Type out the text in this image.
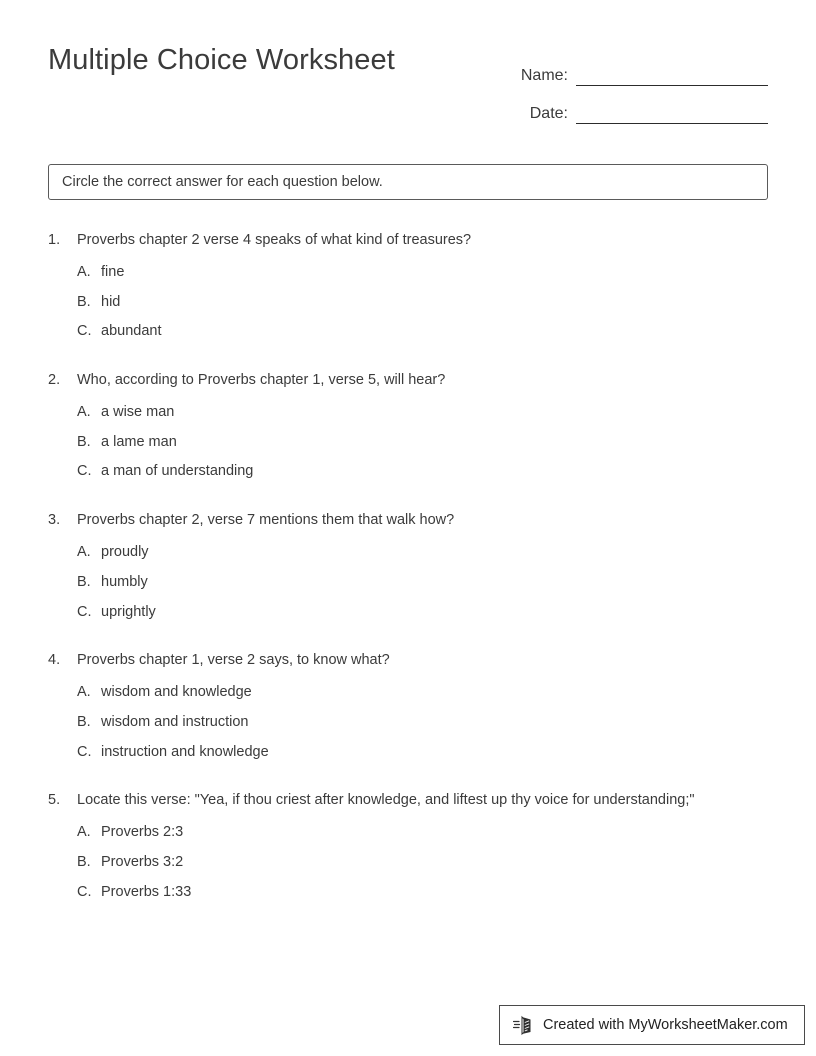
Multiple Choice Worksheet	Name:
Date:
Circle the correct answer for each question below.
1.	Proverbs chapter 2 verse 4 speaks of what kind of treasures?
A. fine
B. hid
C. abundant
2.	Who, according to Proverbs chapter 1, verse 5, will hear?
A. a wise man
B. a lame man
C. a man of understanding
3.	Proverbs chapter 2, verse 7 mentions them that walk how?
A. proudly
B. humbly
C. uprightly
4.	Proverbs chapter 1, verse 2 says, to know what?
A. wisdom and knowledge
B. wisdom and instruction
C. instruction and knowledge
5.	Locate this verse: "Yea, if thou criest after knowledge, and liftest up thy voice for understanding;"
A. Proverbs 2:3
B. Proverbs 3:2
C. Proverbs 1:33
Created with MyWorksheetMaker.com
